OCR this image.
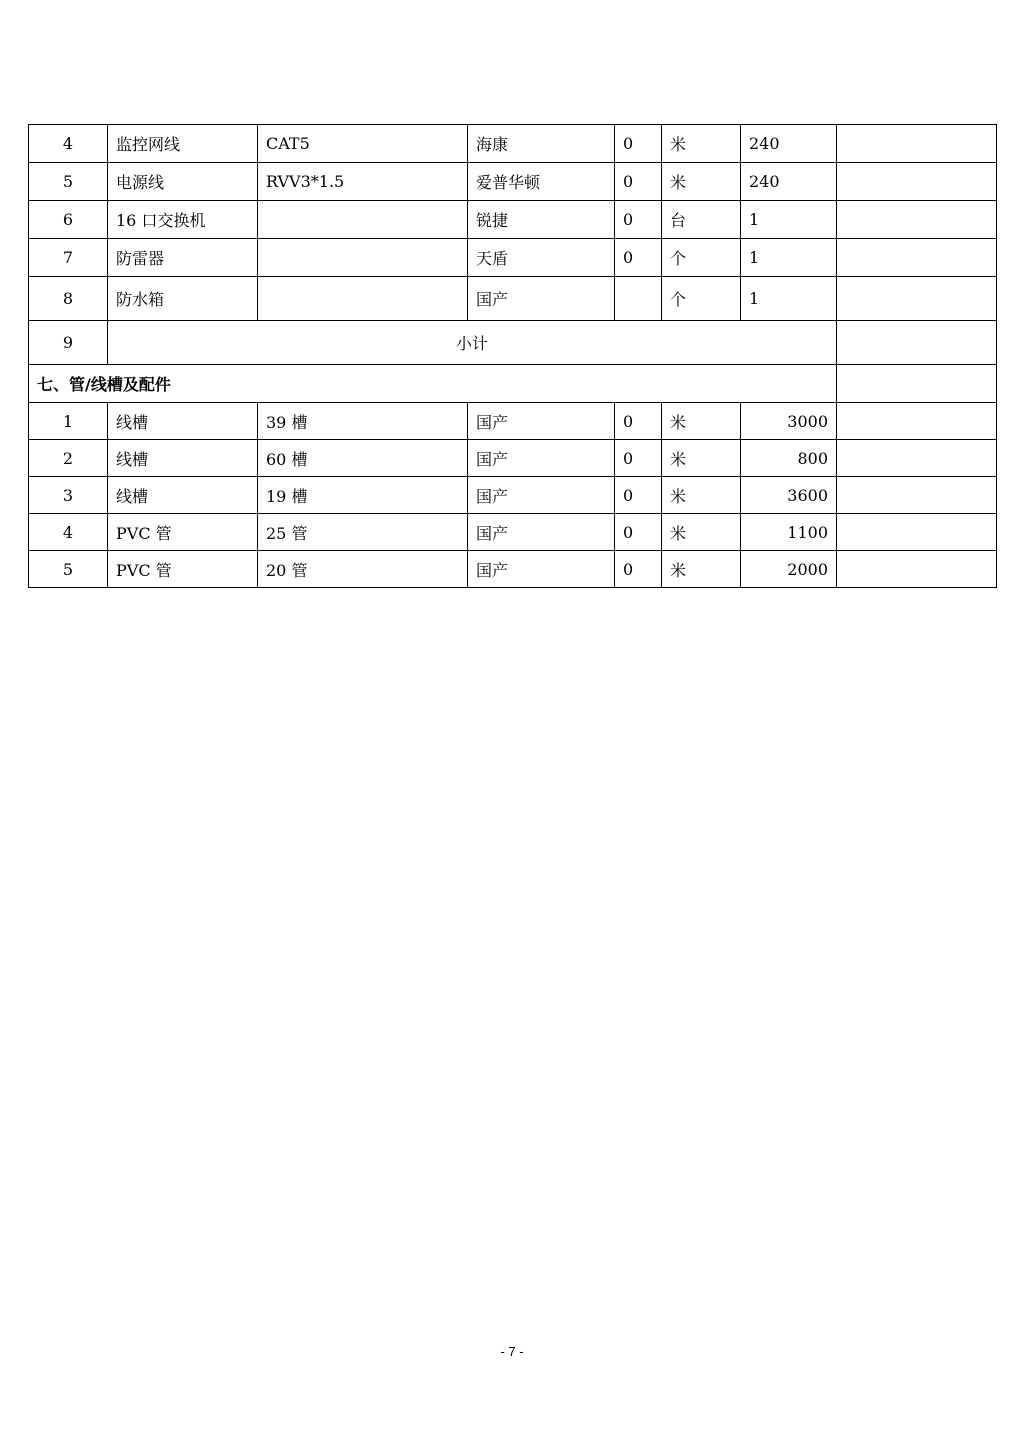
4	监控网线	CAT5	海康	0	米	240	
5	电源线	RVV3*1.5	爱普华顿	0	米	240	
6	16 口交换机		锐捷	0	台	1	
7	防雷器		天盾	0	个	1	
8	防水箱		国产		个	1	
9	小计						
七、管/线槽及配件							
1	线槽	39 槽	国产	0	米	3000	
2	线槽	60 槽	国产	0	米	800	
3	线槽	19 槽	国产	0	米	3600	
4	PVC 管	25 管	国产	0	米	1100	
5	PVC 管	20 管	国产	0	米	2000	
- 7 -
